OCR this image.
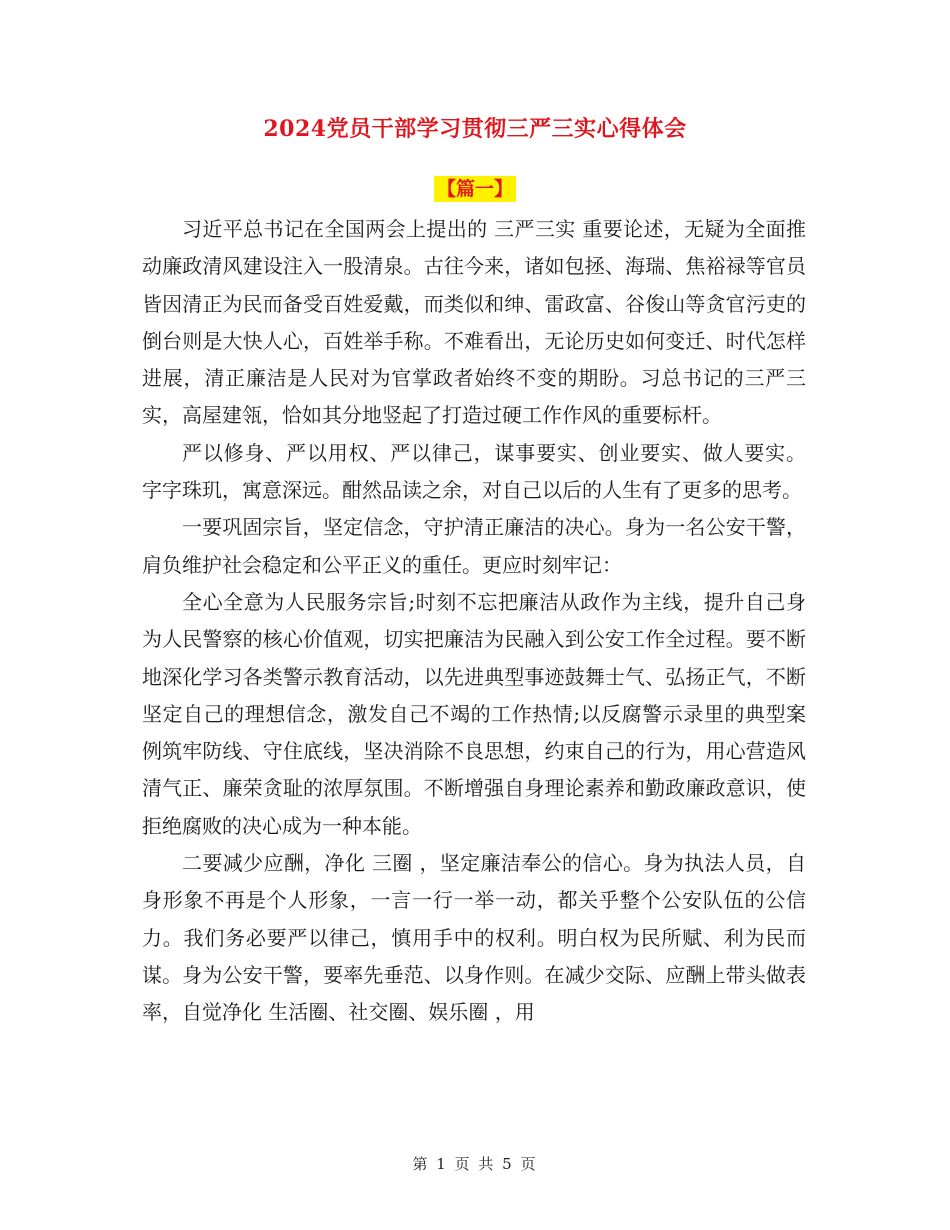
2024党员干部学习贯彻三严三实心得体会
【篇一】

习近平总书记在全国两会上提出的 三严三实 重要论述，无疑为全面推动廉政清风建设注入一股清泉。古往今来，诸如包拯、海瑞、焦裕禄等官员皆因清正为民而备受百姓爱戴，而类似和绅、雷政富、谷俊山等贪官污吏的倒台则是大快人心，百姓举手称。不难看出，无论历史如何变迁、时代怎样进展，清正廉洁是人民对为官掌政者始终不变的期盼。习总书记的三严三实，高屋建瓴，恰如其分地竖起了打造过硬工作作风的重要标杆。

严以修身、严以用权、严以律己，谋事要实、创业要实、做人要实。 字字珠玑，寓意深远。酣然品读之余，对自己以后的人生有了更多的思考。

一要巩固宗旨，坚定信念，守护清正廉洁的决心。身为一名公安干警，肩负维护社会稳定和公平正义的重任。更应时刻牢记：

全心全意为人民服务宗旨;时刻不忘把廉洁从政作为主线，提升自己身为人民警察的核心价值观，切实把廉洁为民融入到公安工作全过程。要不断地深化学习各类警示教育活动，以先进典型事迹鼓舞士气、弘扬正气，不断坚定自己的理想信念，激发自己不竭的工作热情;以反腐警示录里的典型案例筑牢防线、守住底线，坚决消除不良思想，约束自己的行为，用心营造风清气正、廉荣贪耻的浓厚氛围。不断增强自身理论素养和勤政廉政意识，使拒绝腐败的决心成为一种本能。

二要减少应酬，净化 三圈 ，坚定廉洁奉公的信心。身为执法人员，自身形象不再是个人形象，一言一行一举一动，都关乎整个公安队伍的公信力。我们务必要严以律己，慎用手中的权利。明白权为民所赋、利为民而谋。身为公安干警，要率先垂范、以身作则。在减少交际、应酬上带头做表率，自觉净化 生活圈、社交圈、娱乐圈 ，用

第 1 页 共 5 页
